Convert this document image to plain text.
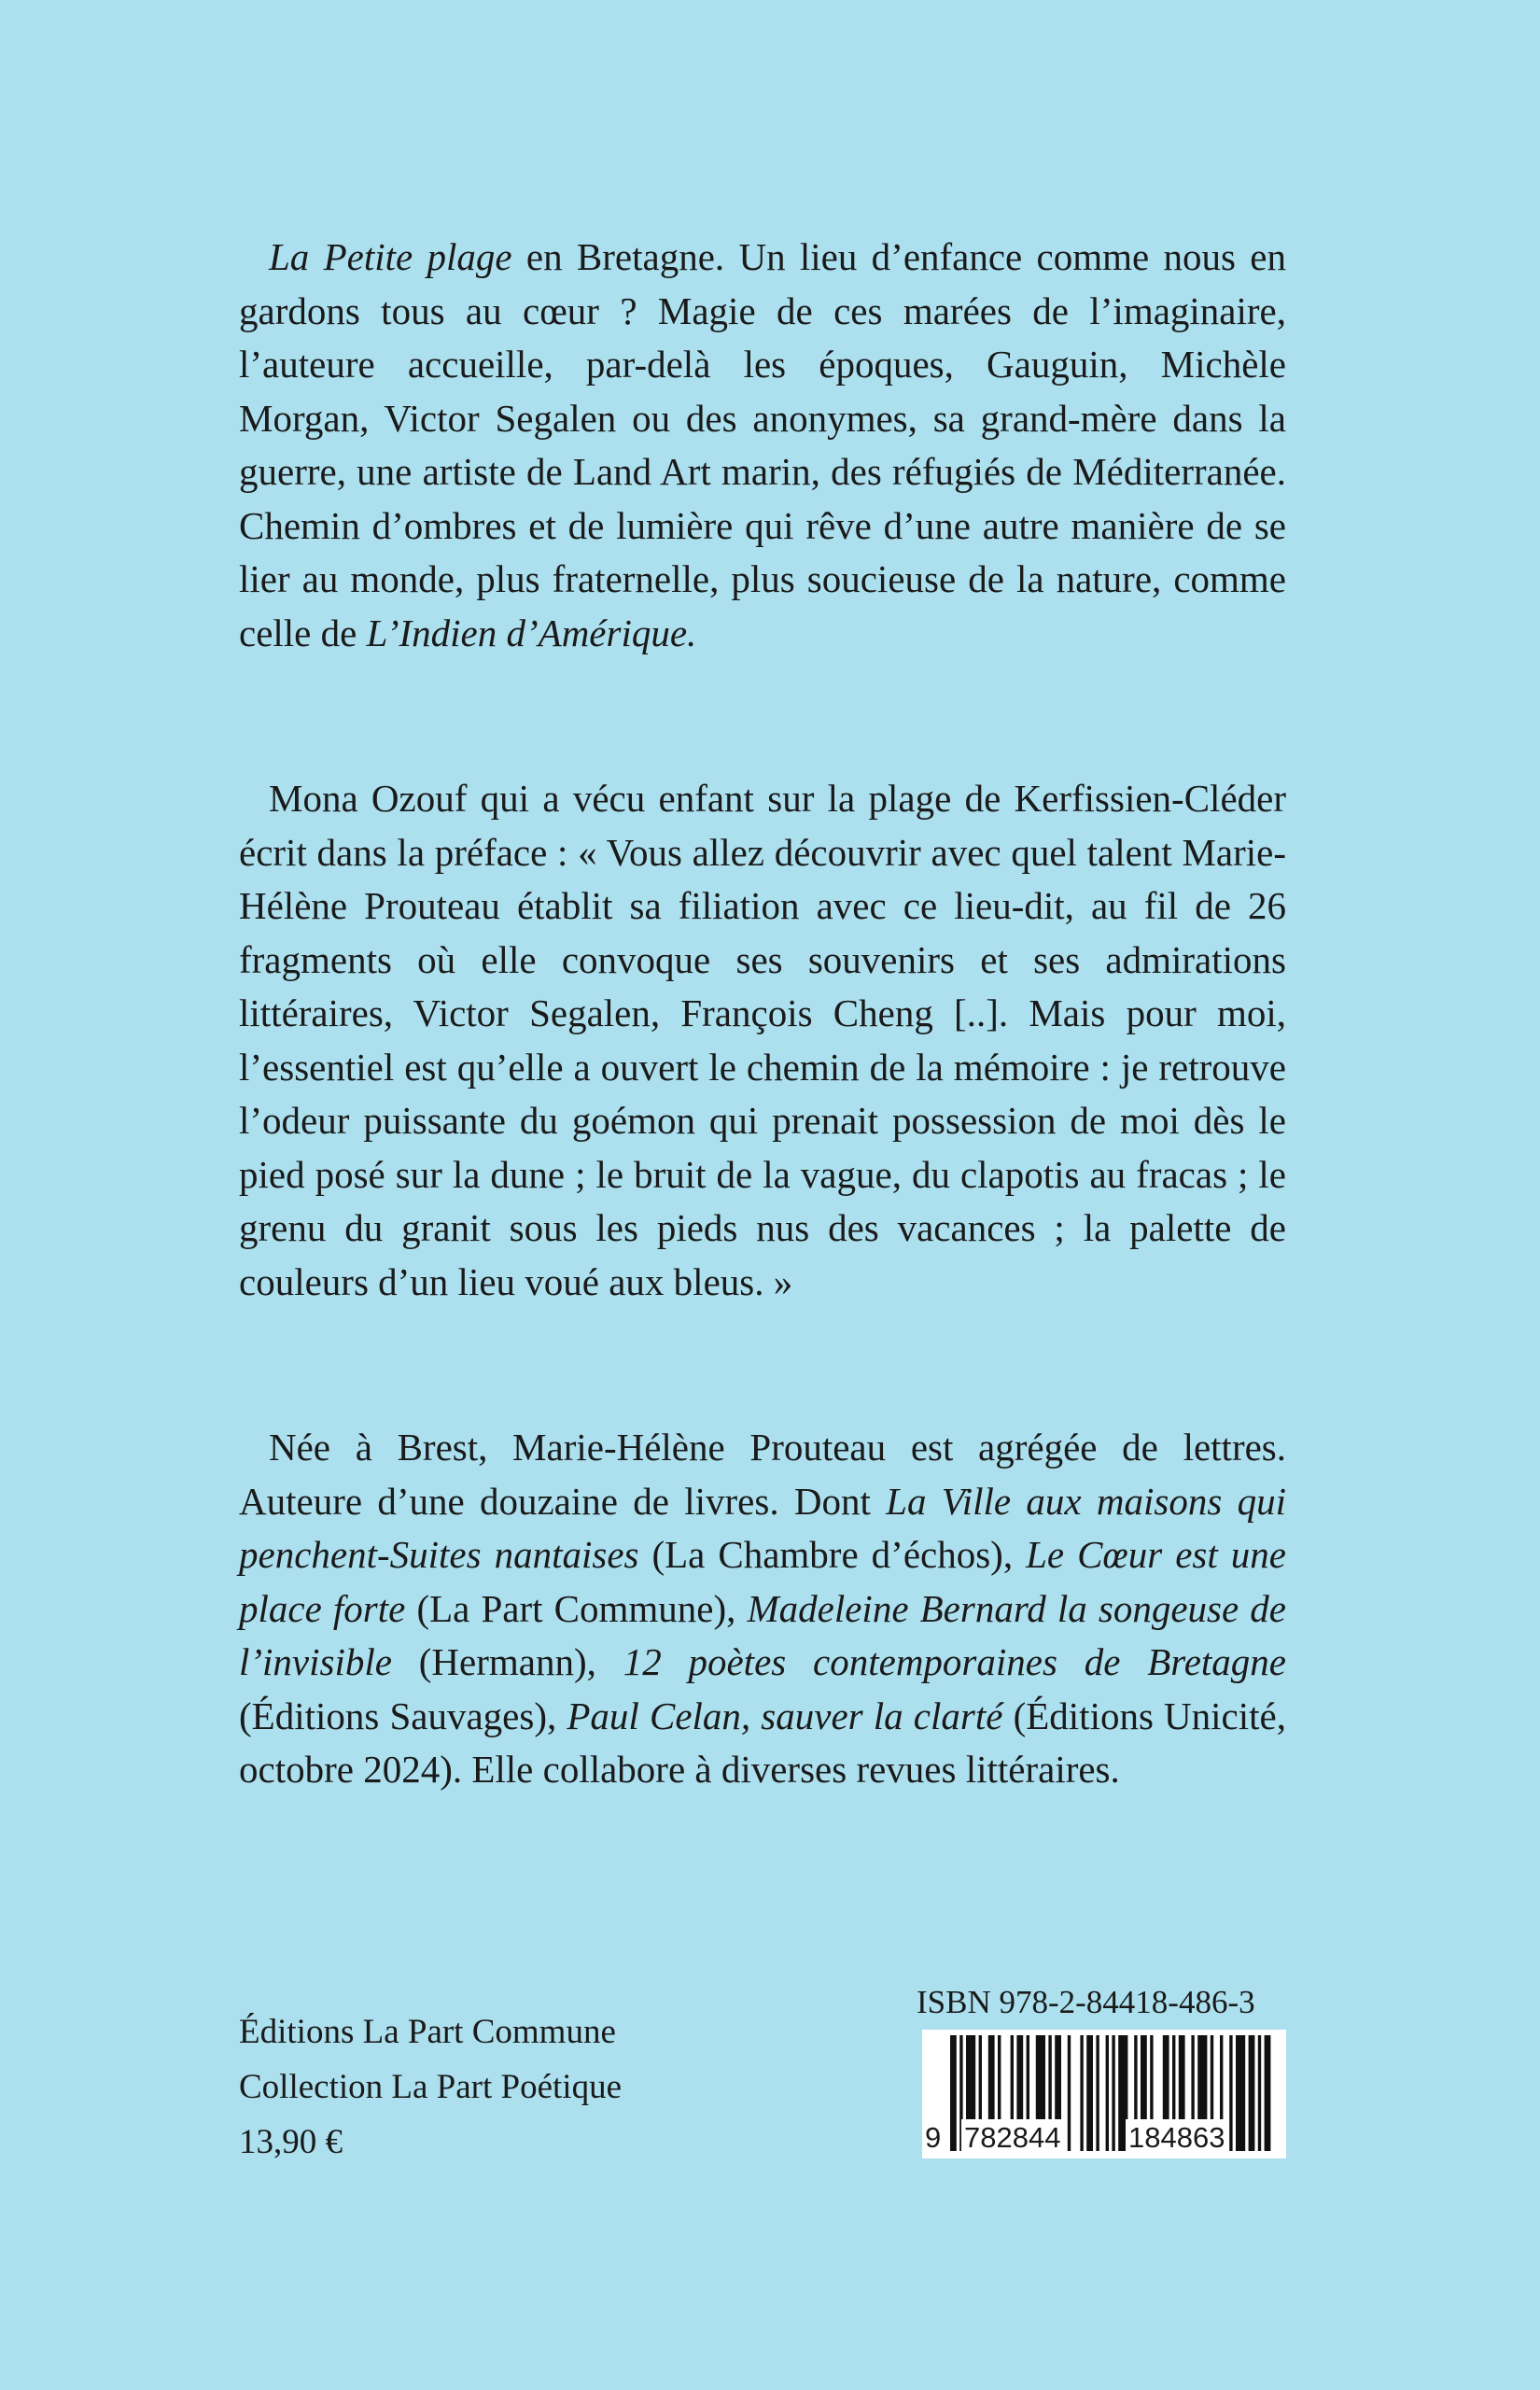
La Petite plage en Bretagne. Un lieu d’enfance comme nous en gardons tous au cœur ? Magie de ces marées de l’imaginaire, l’auteure accueille, par-delà les époques, Gauguin, Michèle Morgan, Victor Segalen ou des anonymes, sa grand-mère dans la guerre, une artiste de Land Art marin, des réfugiés de Méditerranée. Chemin d’ombres et de lumière qui rêve d’une autre manière de se lier au monde, plus fraternelle, plus soucieuse de la nature, comme celle de L’Indien d’Amérique.

Mona Ozouf qui a vécu enfant sur la plage de Kerfissien-Cléder écrit dans la préface : « Vous allez découvrir avec quel talent Marie-Hélène Prouteau établit sa filiation avec ce lieu-dit, au fil de 26 fragments où elle convoque ses souvenirs et ses admirations littéraires, Victor Segalen, François Cheng [..]. Mais pour moi, l’essentiel est qu’elle a ouvert le chemin de la mémoire : je retrouve l’odeur puissante du goémon qui prenait possession de moi dès le pied posé sur la dune ; le bruit de la vague, du clapotis au fracas ; le grenu du granit sous les pieds nus des vacances ; la palette de couleurs d’un lieu voué aux bleus. »

Née à Brest, Marie-Hélène Prouteau est agrégée de lettres. Auteure d’une douzaine de livres. Dont La Ville aux maisons qui penchent-Suites nantaises (La Chambre d’échos), Le Cœur est une place forte (La Part Commune), Madeleine Bernard la songeuse de l’invisible (Hermann), 12 poètes contemporaines de Bretagne (Éditions Sauvages), Paul Celan, sauver la clarté (Éditions Unicité, octobre 2024). Elle collabore à diverses revues littéraires.

Éditions La Part Commune
Collection La Part Poétique
13,90 €
ISBN 978-2-84418-486-3
9 782844 184863
